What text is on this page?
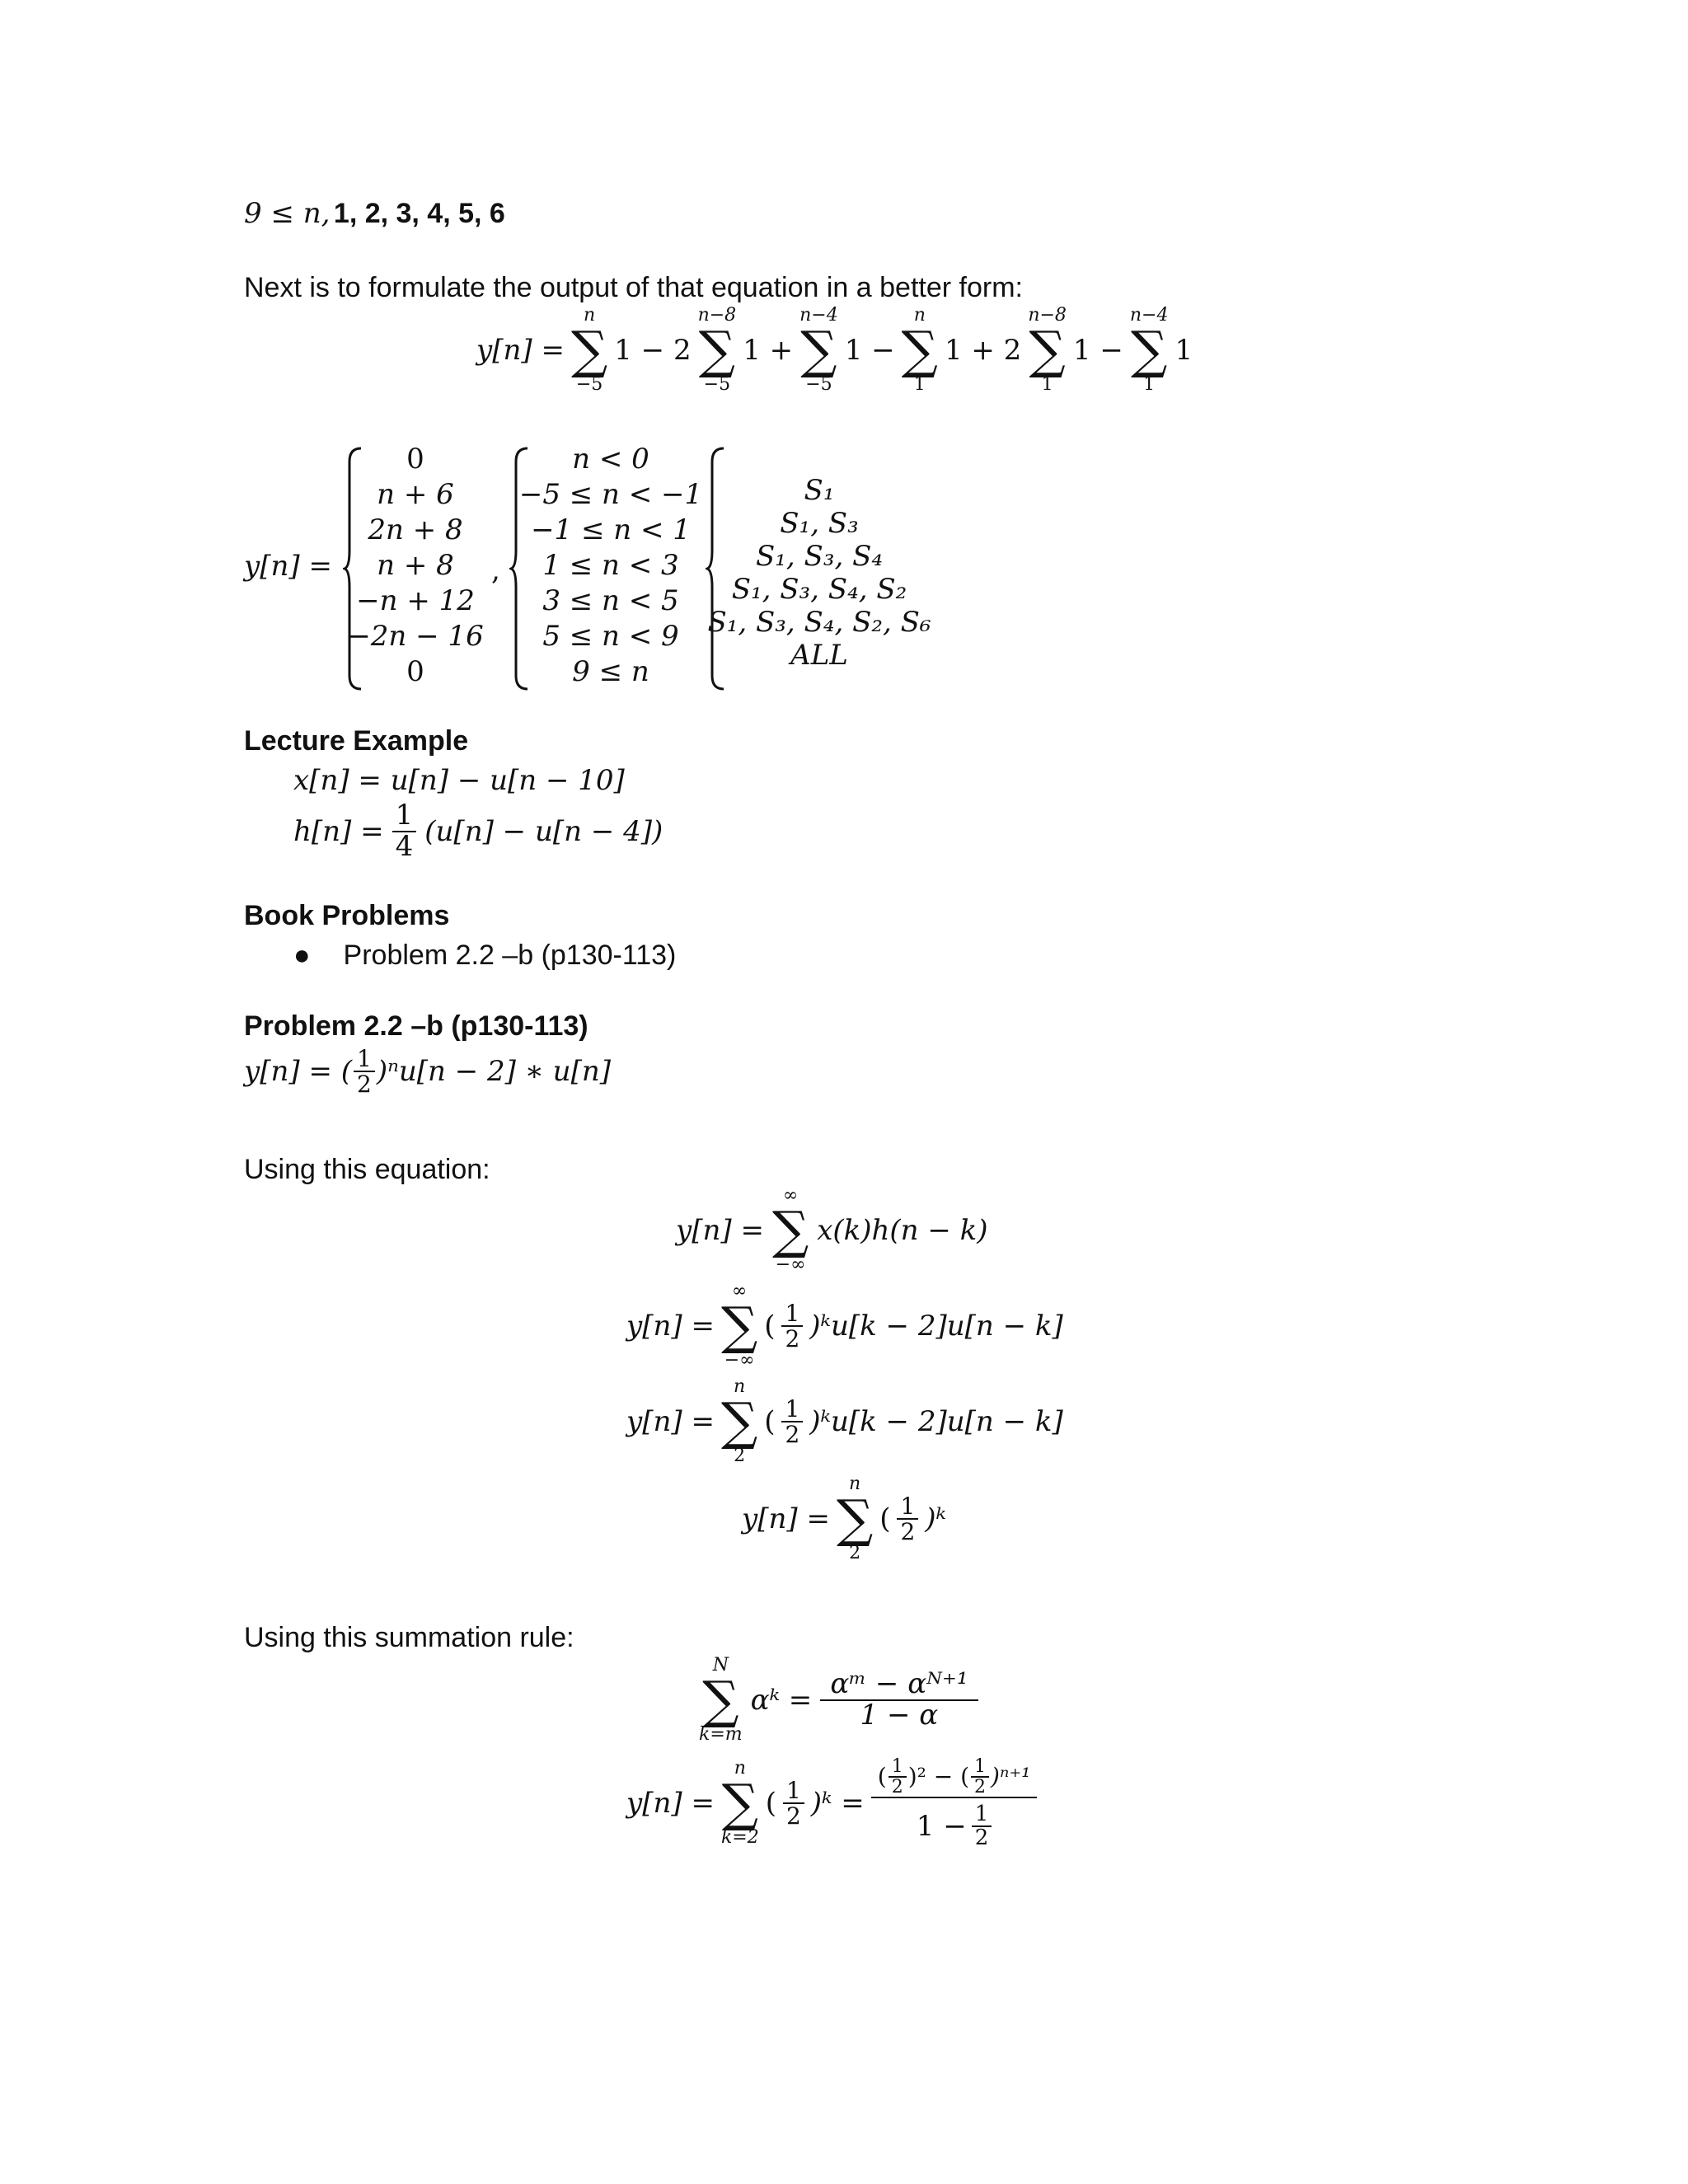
9 ≤ n, 1, 2, 3, 4, 5, 6
Next is to formulate the output of that equation in a better form:
y[n] =
n
∑
−5
1 − 2
n−8
∑
−5
1 +
n−4
∑
−5
1 −
n
∑
1
1 + 2
n−8
∑
1
1 −
n−4
∑
1
1
y[n] =
0
n + 6
2n + 8
n + 8
−n + 12
−2n − 16
0
,
n < 0
−5 ≤ n < −1
−1 ≤ n < 1
1 ≤ n < 3
3 ≤ n < 5
5 ≤ n < 9
9 ≤ n
S₁
S₁, S₃
S₁, S₃, S₄
S₁, S₃, S₄, S₂
S₁, S₃, S₄, S₂, S₆
ALL
Lecture Example
x[n] = u[n] − u[n − 10]
$h[n] = \frac{1}{4} (u[n] - u[n - 4])$
Book Problems
● Problem 2.2 –b (p130-113)
Problem 2.2 –b (p130-113)
y[n] = ( $\frac{1}{2} )^nu[n - 2]$ ∗ u[n]
Using this equation:
y[n] =
∞
∑
−∞
x(k)h(n − k)
y[n] =
∞
∑
−∞
( $\frac{1}{2}$ )ᵏu[k − 2]u[n − k]
y[n] =
n
∑
2
( $\frac{1}{2}$ )ᵏu[k − 2]u[n − k]
y[n] =
n
∑
2
( $\frac{1}{2}$ )ᵏ
Using this summation rule:
N
∑
k=m
αᵏ = $\frac{\text{αᵐ − αᴺ⁺¹}}{1 - \alpha}$
y[n] =
n
∑
k=2
( $\frac{1}{2}$ )ᵏ =
( $\frac{1}{2} )^2$ − ( $\frac{1}{2} )^{n+1}$
$1 - \frac{1}{2}$
